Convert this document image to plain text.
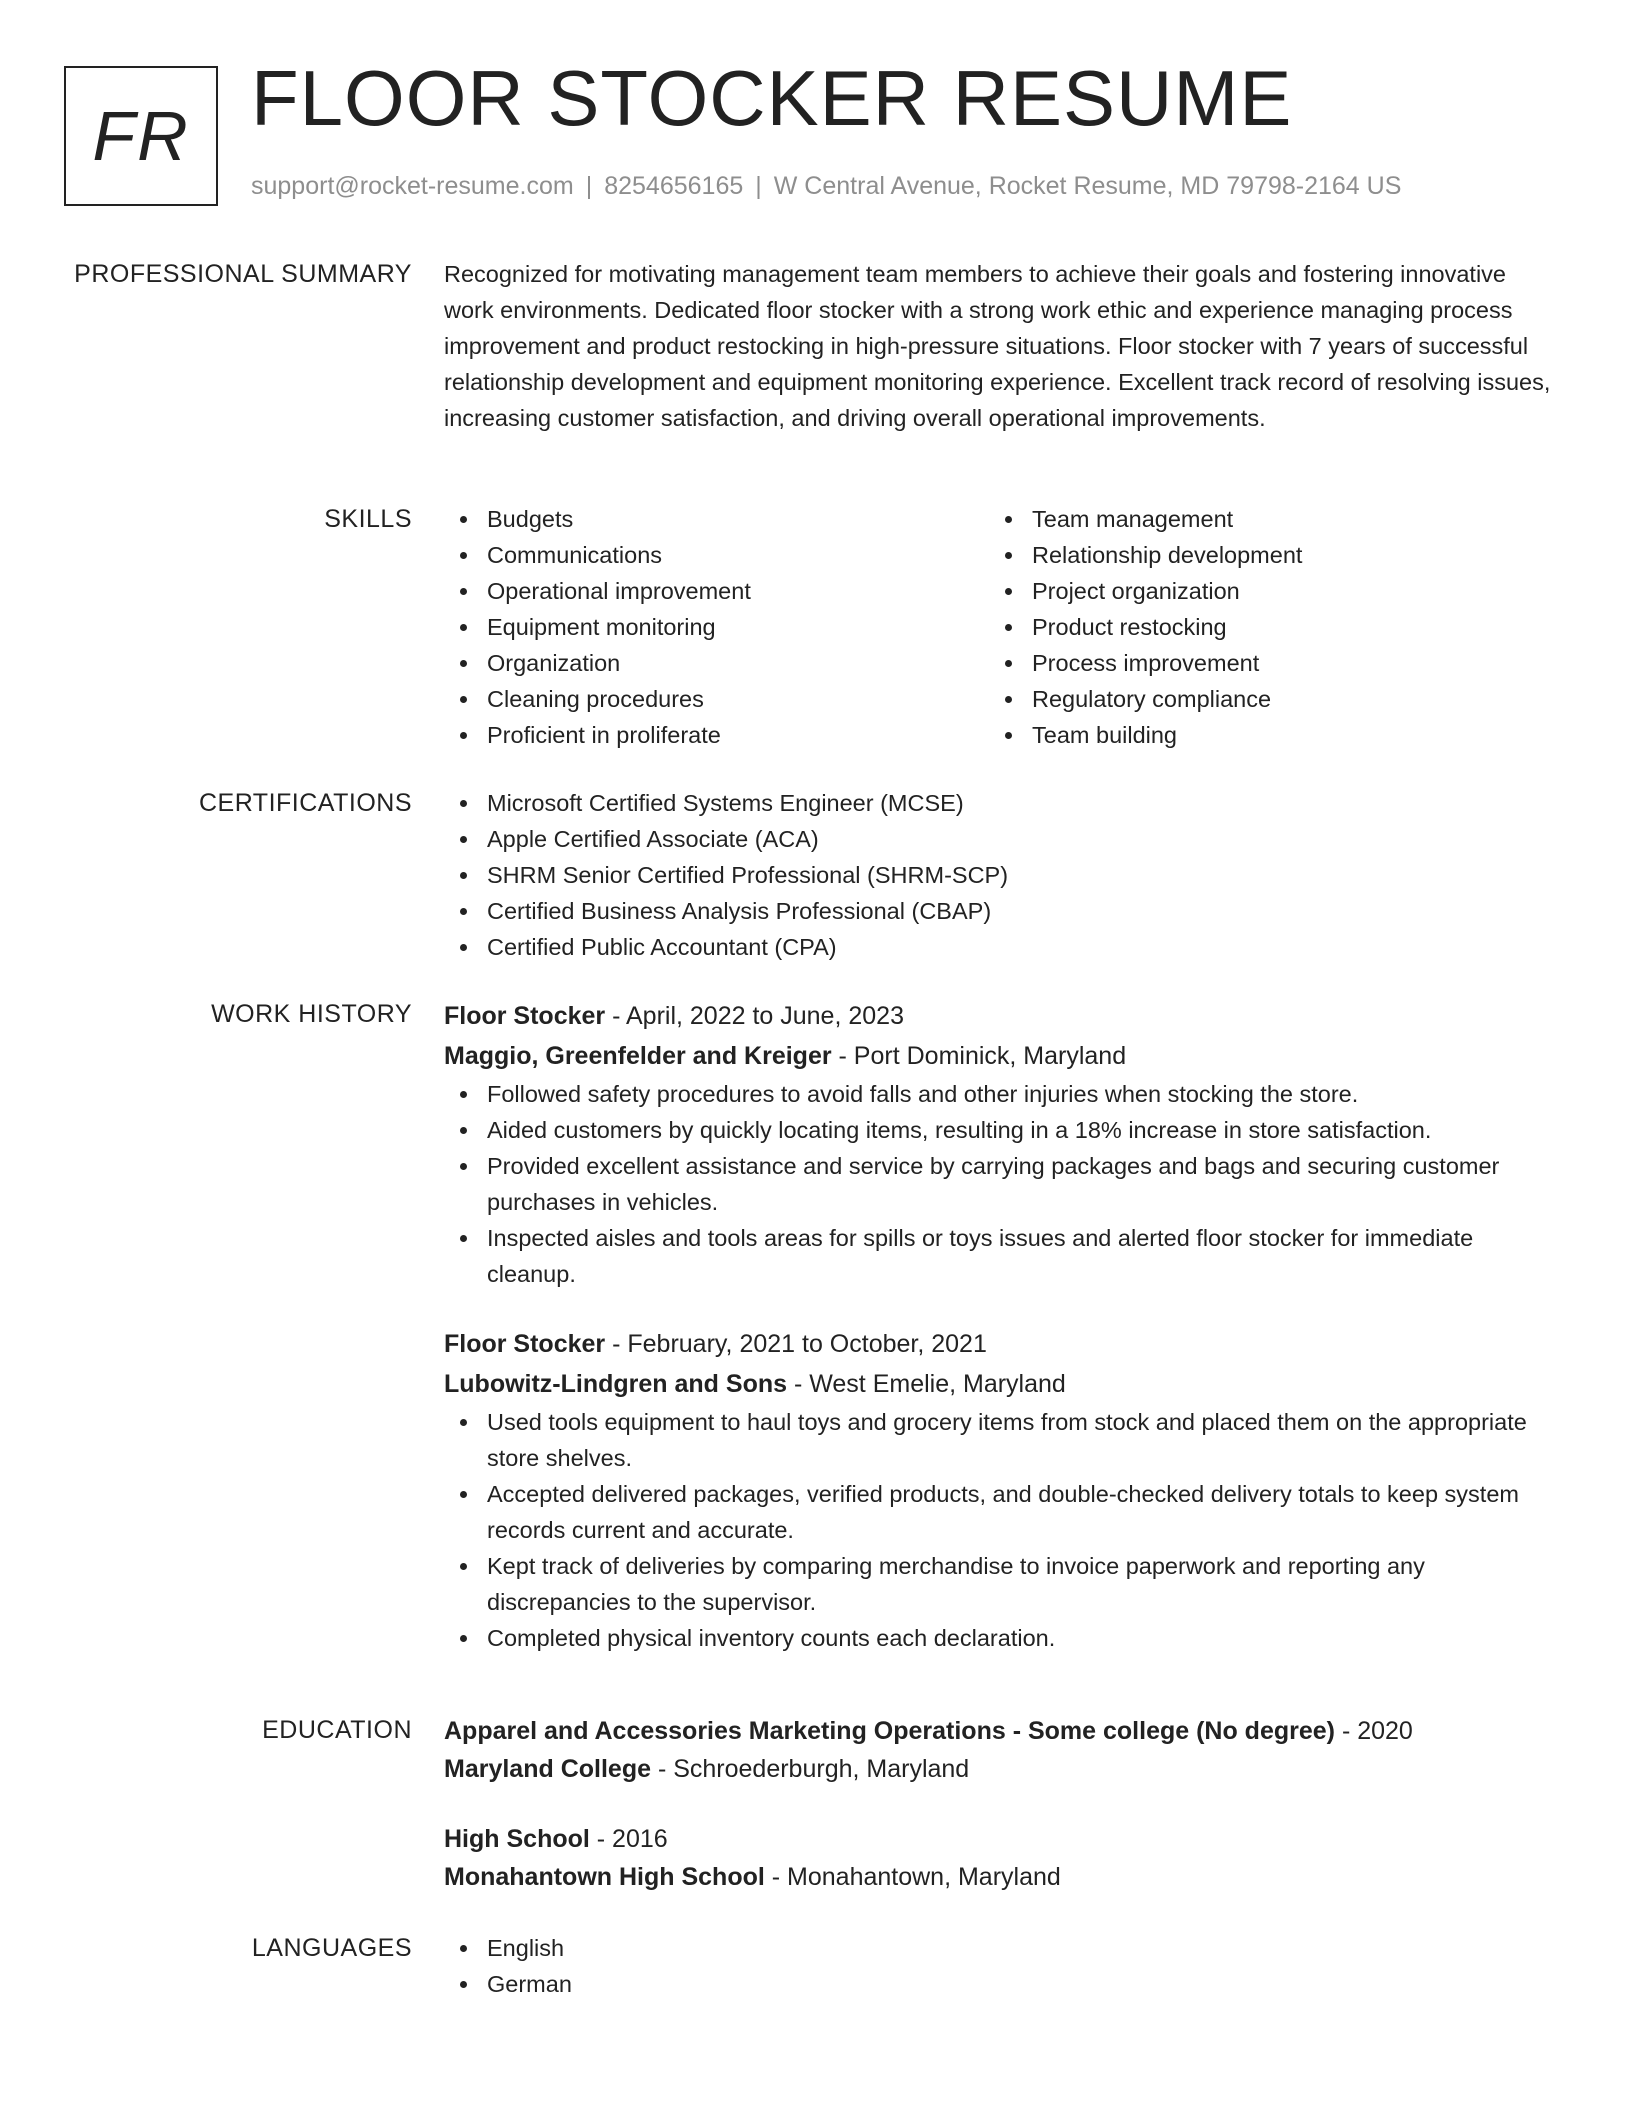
FR FLOOR STOCKER RESUME
support@rocket-resume.com | 8254656165 | W Central Avenue, Rocket Resume, MD 79798-2164 US
PROFESSIONAL SUMMARY Recognized for motivating management team members to achieve their goals and fostering innovative work environments. Dedicated floor stocker with a strong work ethic and experience managing process improvement and product restocking in high-pressure situations. Floor stocker with 7 years of successful relationship development and equipment monitoring experience. Excellent track record of resolving issues, increasing customer satisfaction, and driving overall operational improvements.

SKILLS	Budgets
Communications
Operational improvement
Equipment monitoring
Organization
Cleaning procedures
Proficient in proliferate
Team management
Relationship development
Project organization
Product restocking
Process improvement
Regulatory compliance
Team building
CERTIFICATIONS	Microsoft Certified Systems Engineer (MCSE)
Apple Certified Associate (ACA)
SHRM Senior Certified Professional (SHRM-SCP)
Certified Business Analysis Professional (CBAP)
Certified Public Accountant (CPA)
WORK HISTORY Floor Stocker - April, 2022 to June, 2023
Maggio, Greenfelder and Kreiger - Port Dominick, Maryland
Followed safety procedures to avoid falls and other injuries when stocking the store.
Aided customers by quickly locating items, resulting in a 18% increase in store satisfaction.
Provided excellent assistance and service by carrying packages and bags and securing customer purchases in vehicles.
Inspected aisles and tools areas for spills or toys issues and alerted floor stocker for immediate cleanup.
Floor Stocker - February, 2021 to October, 2021
Lubowitz-Lindgren and Sons - West Emelie, Maryland
Used tools equipment to haul toys and grocery items from stock and placed them on the appropriate store shelves.
Accepted delivered packages, verified products, and double-checked delivery totals to keep system records current and accurate.
Kept track of deliveries by comparing merchandise to invoice paperwork and reporting any discrepancies to the supervisor.
Completed physical inventory counts each declaration.
EDUCATION Apparel and Accessories Marketing Operations - Some college (No degree) - 2020
Maryland College - Schroederburgh, Maryland
High School - 2016
Monahantown High School - Monahantown, Maryland
LANGUAGES	English
German
